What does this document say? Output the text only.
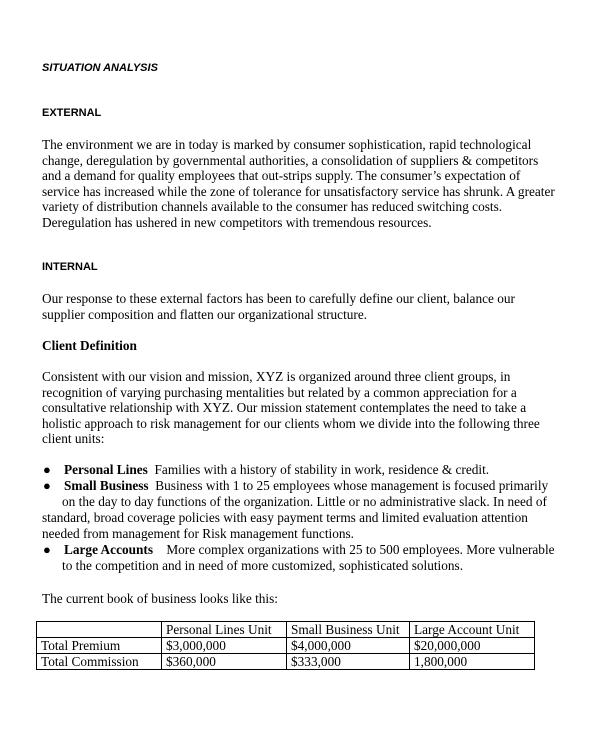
SITUATION ANALYSIS
EXTERNAL
The environment we are in today is marked by consumer sophistication, rapid technological
change, deregulation by governmental authorities, a consolidation of suppliers & competitors
and a demand for quality employees that out-strips supply. The consumer’s expectation of
service has increased while the zone of tolerance for unsatisfactory service has shrunk. A greater
variety of distribution channels available to the consumer has reduced switching costs.
Deregulation has ushered in new competitors with tremendous resources.
INTERNAL
Our response to these external factors has been to carefully define our client, balance our
supplier composition and flatten our organizational structure.
Client Definition
Consistent with our vision and mission, XYZ is organized around three client groups, in
recognition of varying purchasing mentalities but related by a common appreciation for a
consultative relationship with XYZ. Our mission statement contemplates the need to take a
holistic approach to risk management for our clients whom we divide into the following three
client units:
● Personal Lines Families with a history of stability in work, residence & credit.
● Small Business Business with 1 to 25 employees whose management is focused primarily
on the day to day functions of the organization. Little or no administrative slack. In need of
standard, broad coverage policies with easy payment terms and limited evaluation attention
needed from management for Risk management functions.
● Large Accounts More complex organizations with 25 to 500 employees. More vulnerable
to the competition and in need of more customized, sophisticated solutions.
The current book of business looks like this:
	Personal Lines Unit	Small Business Unit	Large Account Unit
Total Premium	$3,000,000	$4,000,000	$20,000,000
Total Commission	$360,000	$333,000	1,800,000
